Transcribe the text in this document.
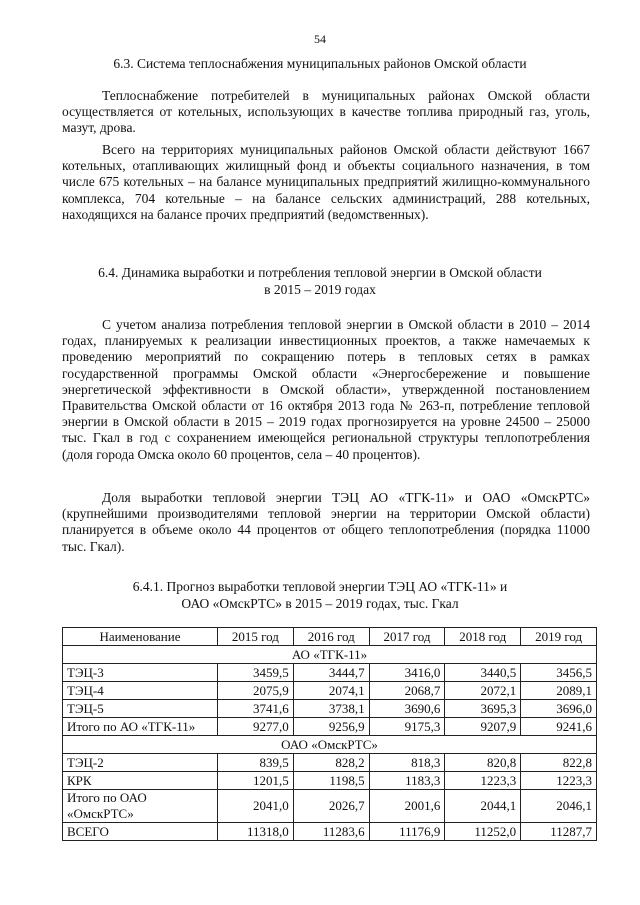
54
6.3. Система теплоснабжения муниципальных районов Омской области

Теплоснабжение потребителей в муниципальных районах Омской области осуществляется от котельных, использующих в качестве топлива природный газ, уголь, мазут, дрова.

Всего на территориях муниципальных районов Омской области действуют 1667 котельных, отапливающих жилищный фонд и объекты социального назначения, в том числе 675 котельных – на балансе муниципальных предприятий жилищно-коммунального комплекса, 704 котельные – на балансе сельских администраций, 288 котельных, находящихся на балансе прочих предприятий (ведомственных).

6.4. Динамика выработки и потребления тепловой энергии в Омской области
в 2015 – 2019 годах

С учетом анализа потребления тепловой энергии в Омской области в 2010 – 2014 годах, планируемых к реализации инвестиционных проектов, а также намечаемых к проведению мероприятий по сокращению потерь в тепловых сетях в рамках государственной программы Омской области «Энергосбережение и повышение энергетической эффективности в Омской области», утвержденной постановлением Правительства Омской области от 16 октября 2013 года № 263-п, потребление тепловой энергии в Омской области в 2015 – 2019 годах прогнозируется на уровне 24500 – 25000 тыс. Гкал в год с сохранением имеющейся региональной структуры теплопотребления (доля города Омска около 60 процентов, села – 40 процентов).

Доля выработки тепловой энергии ТЭЦ АО «ТГК-11» и ОАО «ОмскРТС» (крупнейшими производителями тепловой энергии на территории Омской области) планируется в объеме около 44 процентов от общего теплопотребления (порядка 11000 тыс. Гкал).

6.4.1. Прогноз выработки тепловой энергии ТЭЦ АО «ТГК-11» и
ОАО «ОмскРТС» в 2015 – 2019 годах, тыс. Гкал
Наименование	2015 год	2016 год	2017 год	2018 год	2019 год
АО «ТГК-11»					
ТЭЦ-3	3459,5	3444,7	3416,0	3440,5	3456,5
ТЭЦ-4	2075,9	2074,1	2068,7	2072,1	2089,1
ТЭЦ-5	3741,6	3738,1	3690,6	3695,3	3696,0
Итого по АО «ТГК-11»	9277,0	9256,9	9175,3	9207,9	9241,6
ОАО «ОмскРТС»					
ТЭЦ-2	839,5	828,2	818,3	820,8	822,8
КРК	1201,5	1198,5	1183,3	1223,3	1223,3
Итого по ОАО «ОмскРТС»	2041,0	2026,7	2001,6	2044,1	2046,1
ВСЕГО	11318,0	11283,6	11176,9	11252,0	11287,7
